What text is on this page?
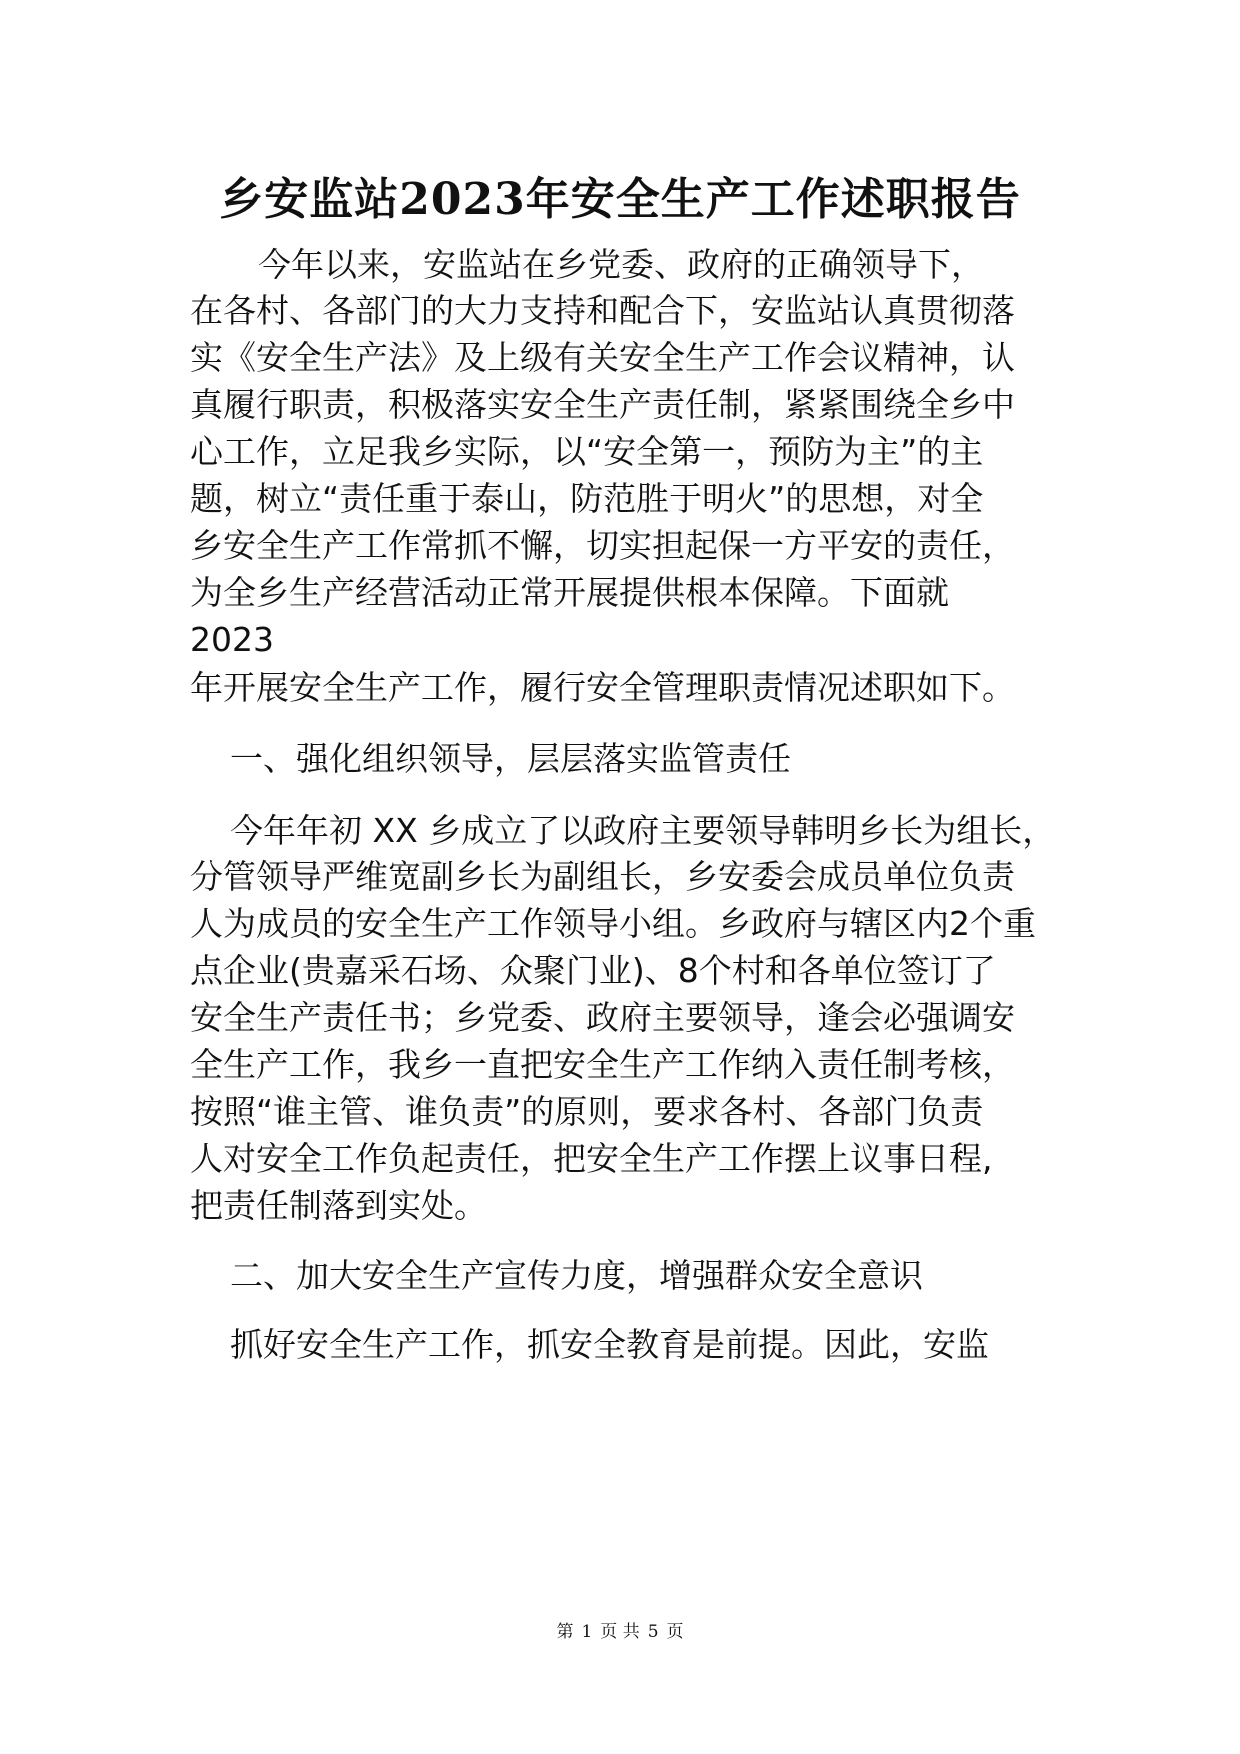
乡安监站2023年安全生产工作述职报告

今年以来，安监站在乡党委、政府的正确领导下，

在各村、各部门的大力支持和配合下，安监站认真贯彻落

实《安全生产法》及上级有关安全生产工作会议精神，认

真履行职责，积极落实安全生产责任制，紧紧围绕全乡中

心工作，立足我乡实际，以“安全第一，预防为主”的主

题，树立“责任重于泰山，防范胜于明火”的思想，对全

乡安全生产工作常抓不懈，切实担起保一方平安的责任，

为全乡生产经营活动正常开展提供根本保障。下面就

2023

年开展安全生产工作，履行安全管理职责情况述职如下。

一、强化组织领导，层层落实监管责任

今年年初 XX 乡成立了以政府主要领导韩明乡长为组长，

分管领导严维宽副乡长为副组长，乡安委会成员单位负责

人为成员的安全生产工作领导小组。乡政府与辖区内2个重

点企业(贵嘉采石场、众聚门业)、8个村和各单位签订了

安全生产责任书；乡党委、政府主要领导，逢会必强调安

全生产工作，我乡一直把安全生产工作纳入责任制考核，

按照“谁主管、谁负责”的原则，要求各村、各部门负责

人对安全工作负起责任，把安全生产工作摆上议事日程,

把责任制落到实处。

二、加大安全生产宣传力度，增强群众安全意识

抓好安全生产工作，抓安全教育是前提。因此，安监

第 1 页 共 5 页
